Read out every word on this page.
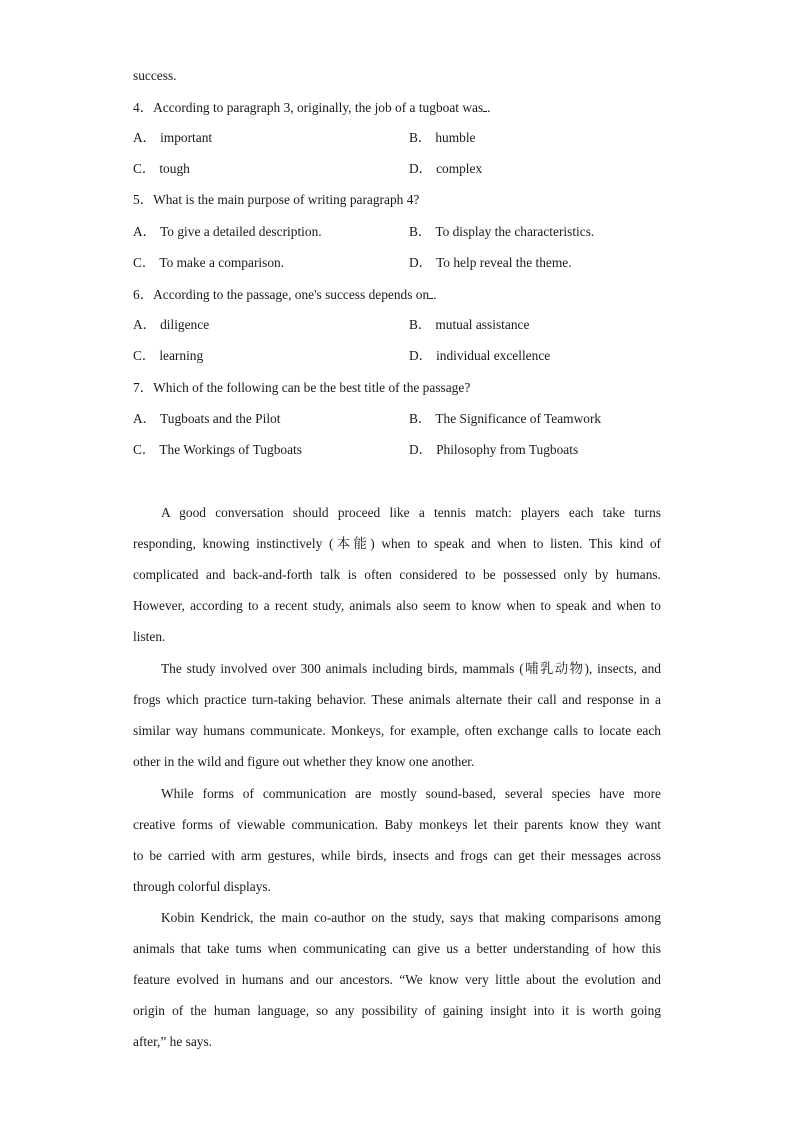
success.
4．According to paragraph 3, originally, the job of a tugboat was .
A． important	B． humble
C． tough	D． complex
5．What is the main purpose of writing paragraph 4?
A． To give a detailed description.	B． To display the characteristics.
C． To make a comparison.	D． To help reveal the theme.
6．According to the passage, one's success depends on .
A． diligence	B． mutual assistance
C． learning	D． individual excellence
7．Which of the following can be the best title of the passage?
A． Tugboats and the Pilot	B． The Significance of Teamwork
C． The Workings of Tugboats	D． Philosophy from Tugboats
A good conversation should proceed like a tennis match: players each take turns
responding, knowing instinctively (本能) when to speak and when to listen. This kind of
complicated and back-and-forth talk is often considered to be possessed only by humans.
However, according to a recent study, animals also seem to know when to speak and when to
listen.
The study involved over 300 animals including birds, mammals (哺乳动物), insects, and
frogs which practice turn-taking behavior. These animals alternate their call and response in a
similar way humans communicate. Monkeys, for example, often exchange calls to locate each
other in the wild and figure out whether they know one another.
While forms of communication are mostly sound-based, several species have more
creative forms of viewable communication. Baby monkeys let their parents know they want
to be carried with arm gestures, while birds, insects and frogs can get their messages across
through colorful displays.
Kobin Kendrick, the main co-author on the study, says that making comparisons among
animals that take tums when communicating can give us a better understanding of how this
feature evolved in humans and our ancestors. “We know very little about the evolution and
origin of the human language, so any possibility of gaining insight into it is worth going
after,” he says.
